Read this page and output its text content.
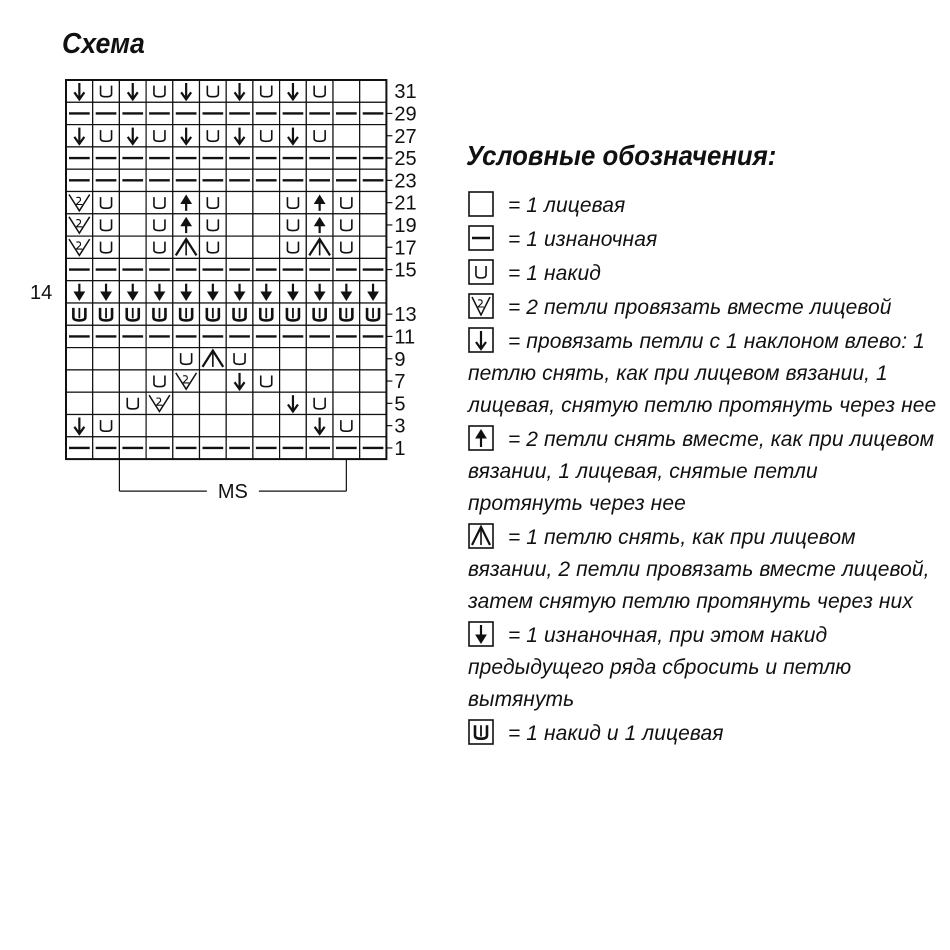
Схема
31
29
27
25
23
21
19
17
15
13
11
9
7
5
3
1
14
MS
Условные обозначения:
= 1 лицевая
= 1 изнаночная
= 1 накид
= 2 петли провязать вместе лицевой
= провязать петли с 1 наклоном влево: 1 петлю снять, как при лицевом вязании, 1 лицевая, снятую петлю протянуть через нее
= 2 петли снять вместе, как при лицевом вязании, 1 лицевая, снятые петли протянуть через нее
= 1 петлю снять, как при лицевом вязании, 2 петли провязать вместе лицевой, затем снятую петлю протянуть через них
= 1 изнаночная, при этом накид предыдущего ряда сбросить и петлю вытянуть
= 1 накид и 1 лицевая
